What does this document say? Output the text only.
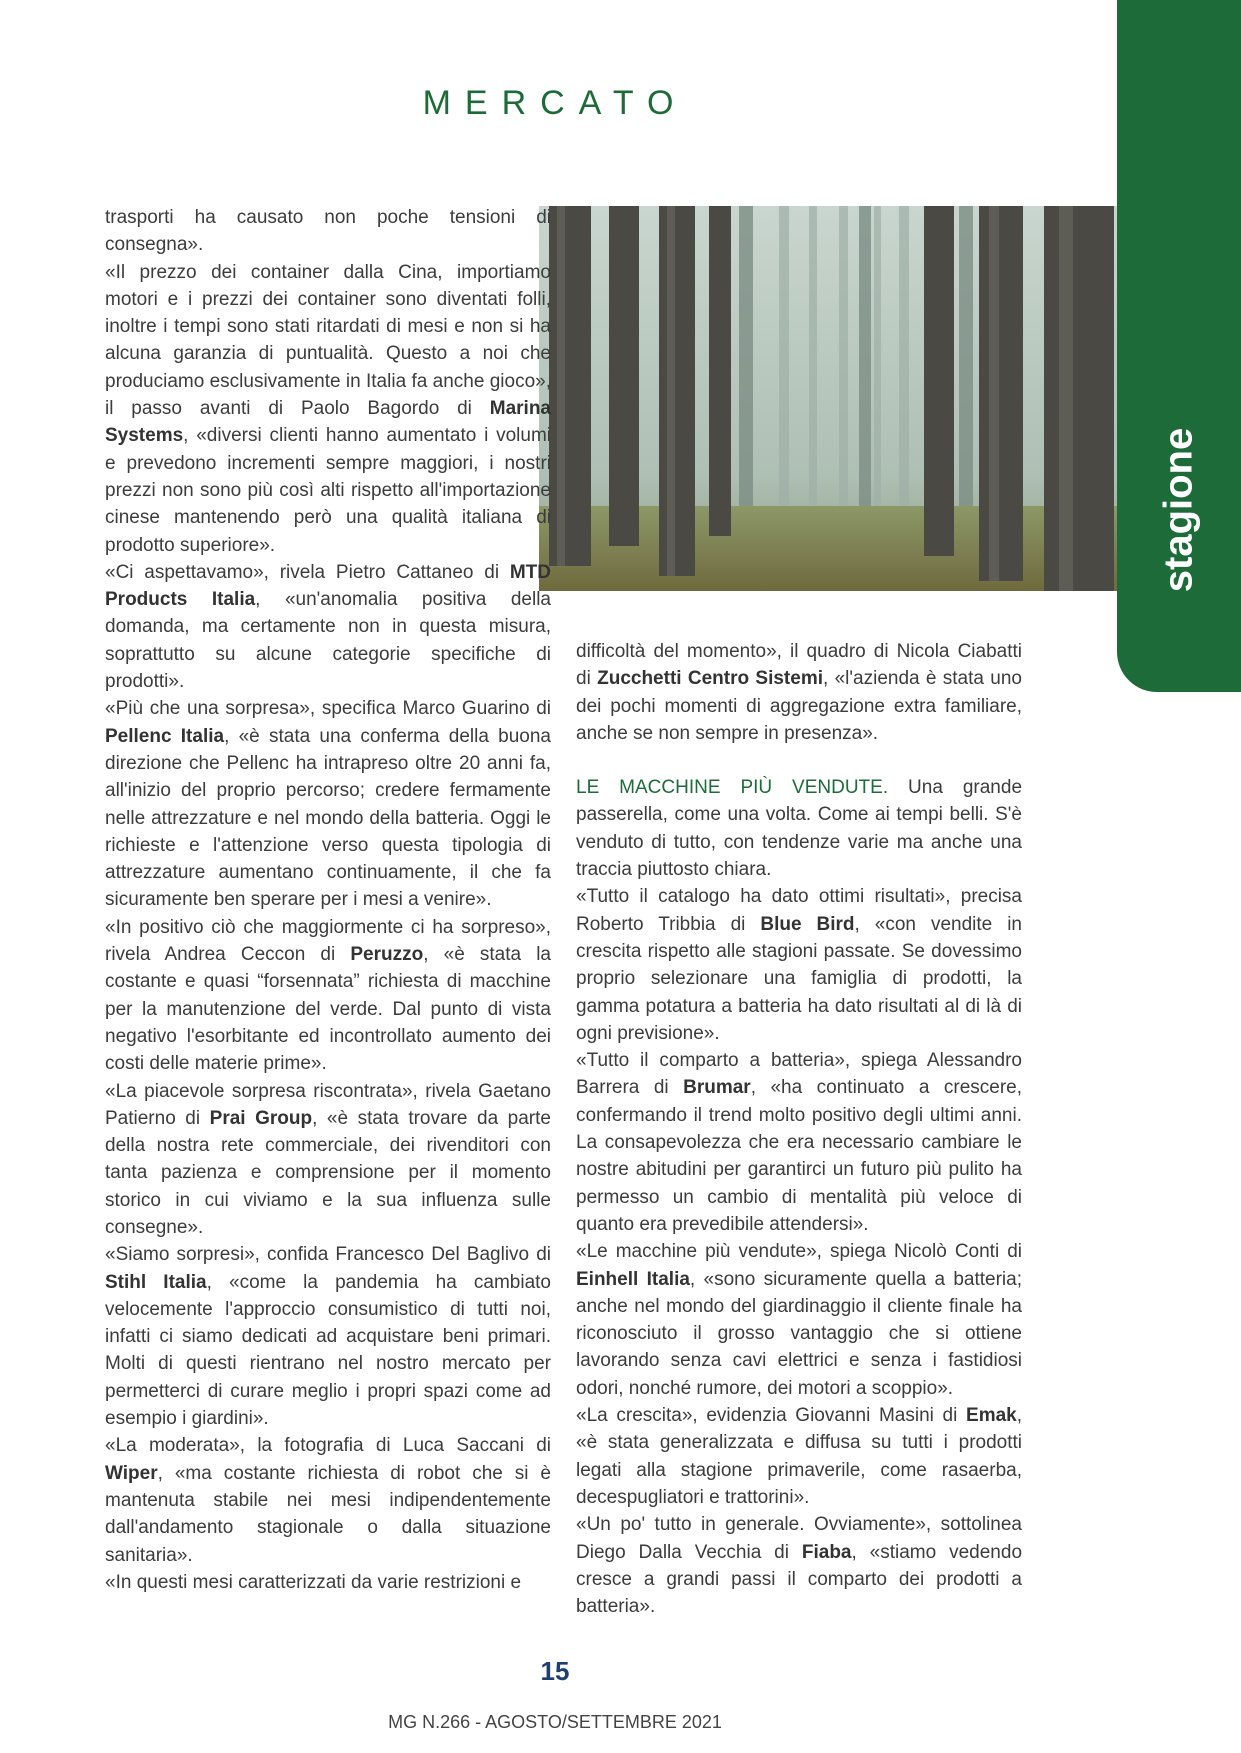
stagione
MERCATO

trasporti ha causato non poche tensioni di consegna».

«Il prezzo dei container dalla Cina, importiamo motori e i prezzi dei container sono diventati folli, inoltre i tempi sono stati ritardati di mesi e non si ha alcuna garanzia di puntualità. Questo a noi che produciamo esclusivamente in Italia fa anche gioco», il passo avanti di Paolo Bagordo di Marina Systems, «diversi clienti hanno aumentato i volumi e prevedono incrementi sempre maggiori, i nostri prezzi non sono più così alti rispetto all'importazione cinese mantenendo però una qualità italiana di prodotto superiore».

«Ci aspettavamo», rivela Pietro Cattaneo di MTD Products Italia, «un'anomalia positiva della domanda, ma certamente non in questa misura, soprattutto su alcune categorie specifiche di prodotti».

«Più che una sorpresa», specifica Marco Guarino di Pellenc Italia, «è stata una conferma della buona direzione che Pellenc ha intrapreso oltre 20 anni fa, all'inizio del proprio percorso; credere fermamente nelle attrezzature e nel mondo della batteria. Oggi le richieste e l'attenzione verso questa tipologia di attrezzature aumentano continuamente, il che fa sicuramente ben sperare per i mesi a venire».

«In positivo ciò che maggiormente ci ha sorpreso», rivela Andrea Ceccon di Peruzzo, «è stata la costante e quasi “forsennata” richiesta di macchine per la manutenzione del verde. Dal punto di vista negativo l'esorbitante ed incontrollato aumento dei costi delle materie prime».

«La piacevole sorpresa riscontrata», rivela Gaetano Patierno di Prai Group, «è stata trovare da parte della nostra rete commerciale, dei rivenditori con tanta pazienza e comprensione per il momento storico in cui viviamo e la sua influenza sulle consegne».

«Siamo sorpresi», confida Francesco Del Baglivo di Stihl Italia, «come la pandemia ha cambiato velocemente l'approccio consumistico di tutti noi, infatti ci siamo dedicati ad acquistare beni primari. Molti di questi rientrano nel nostro mercato per permetterci di curare meglio i propri spazi come ad esempio i giardini».

«La moderata», la fotografia di Luca Saccani di Wiper, «ma costante richiesta di robot che si è mantenuta stabile nei mesi indipendentemente dall'andamento stagionale o dalla situazione sanitaria».

«In questi mesi caratterizzati da varie restrizioni e

difficoltà del momento», il quadro di Nicola Ciabatti di Zucchetti Centro Sistemi, «l'azienda è stata uno dei pochi momenti di aggregazione extra familiare, anche se non sempre in presenza».

LE MACCHINE PIÙ VENDUTE. Una grande passerella, come una volta. Come ai tempi belli. S'è venduto di tutto, con tendenze varie ma anche una traccia piuttosto chiara.

«Tutto il catalogo ha dato ottimi risultati», precisa Roberto Tribbia di Blue Bird, «con vendite in crescita rispetto alle stagioni passate. Se dovessimo proprio selezionare una famiglia di prodotti, la gamma potatura a batteria ha dato risultati al di là di ogni previsione».

«Tutto il comparto a batteria», spiega Alessandro Barrera di Brumar, «ha continuato a crescere, confermando il trend molto positivo degli ultimi anni. La consapevolezza che era necessario cambiare le nostre abitudini per garantirci un futuro più pulito ha permesso un cambio di mentalità più veloce di quanto era prevedibile attendersi».

«Le macchine più vendute», spiega Nicolò Conti di Einhell Italia, «sono sicuramente quella a batteria; anche nel mondo del giardinaggio il cliente finale ha riconosciuto il grosso vantaggio che si ottiene lavorando senza cavi elettrici e senza i fastidiosi odori, nonché rumore, dei motori a scoppio».

«La crescita», evidenzia Giovanni Masini di Emak, «è stata generalizzata e diffusa su tutti i prodotti legati alla stagione primaverile, come rasaerba, decespugliatori e trattorini».

«Un po' tutto in generale. Ovviamente», sottolinea Diego Dalla Vecchia di Fiaba, «stiamo vedendo cresce a grandi passi il comparto dei prodotti a batteria».

15
MG N.266 - AGOSTO/SETTEMBRE 2021
